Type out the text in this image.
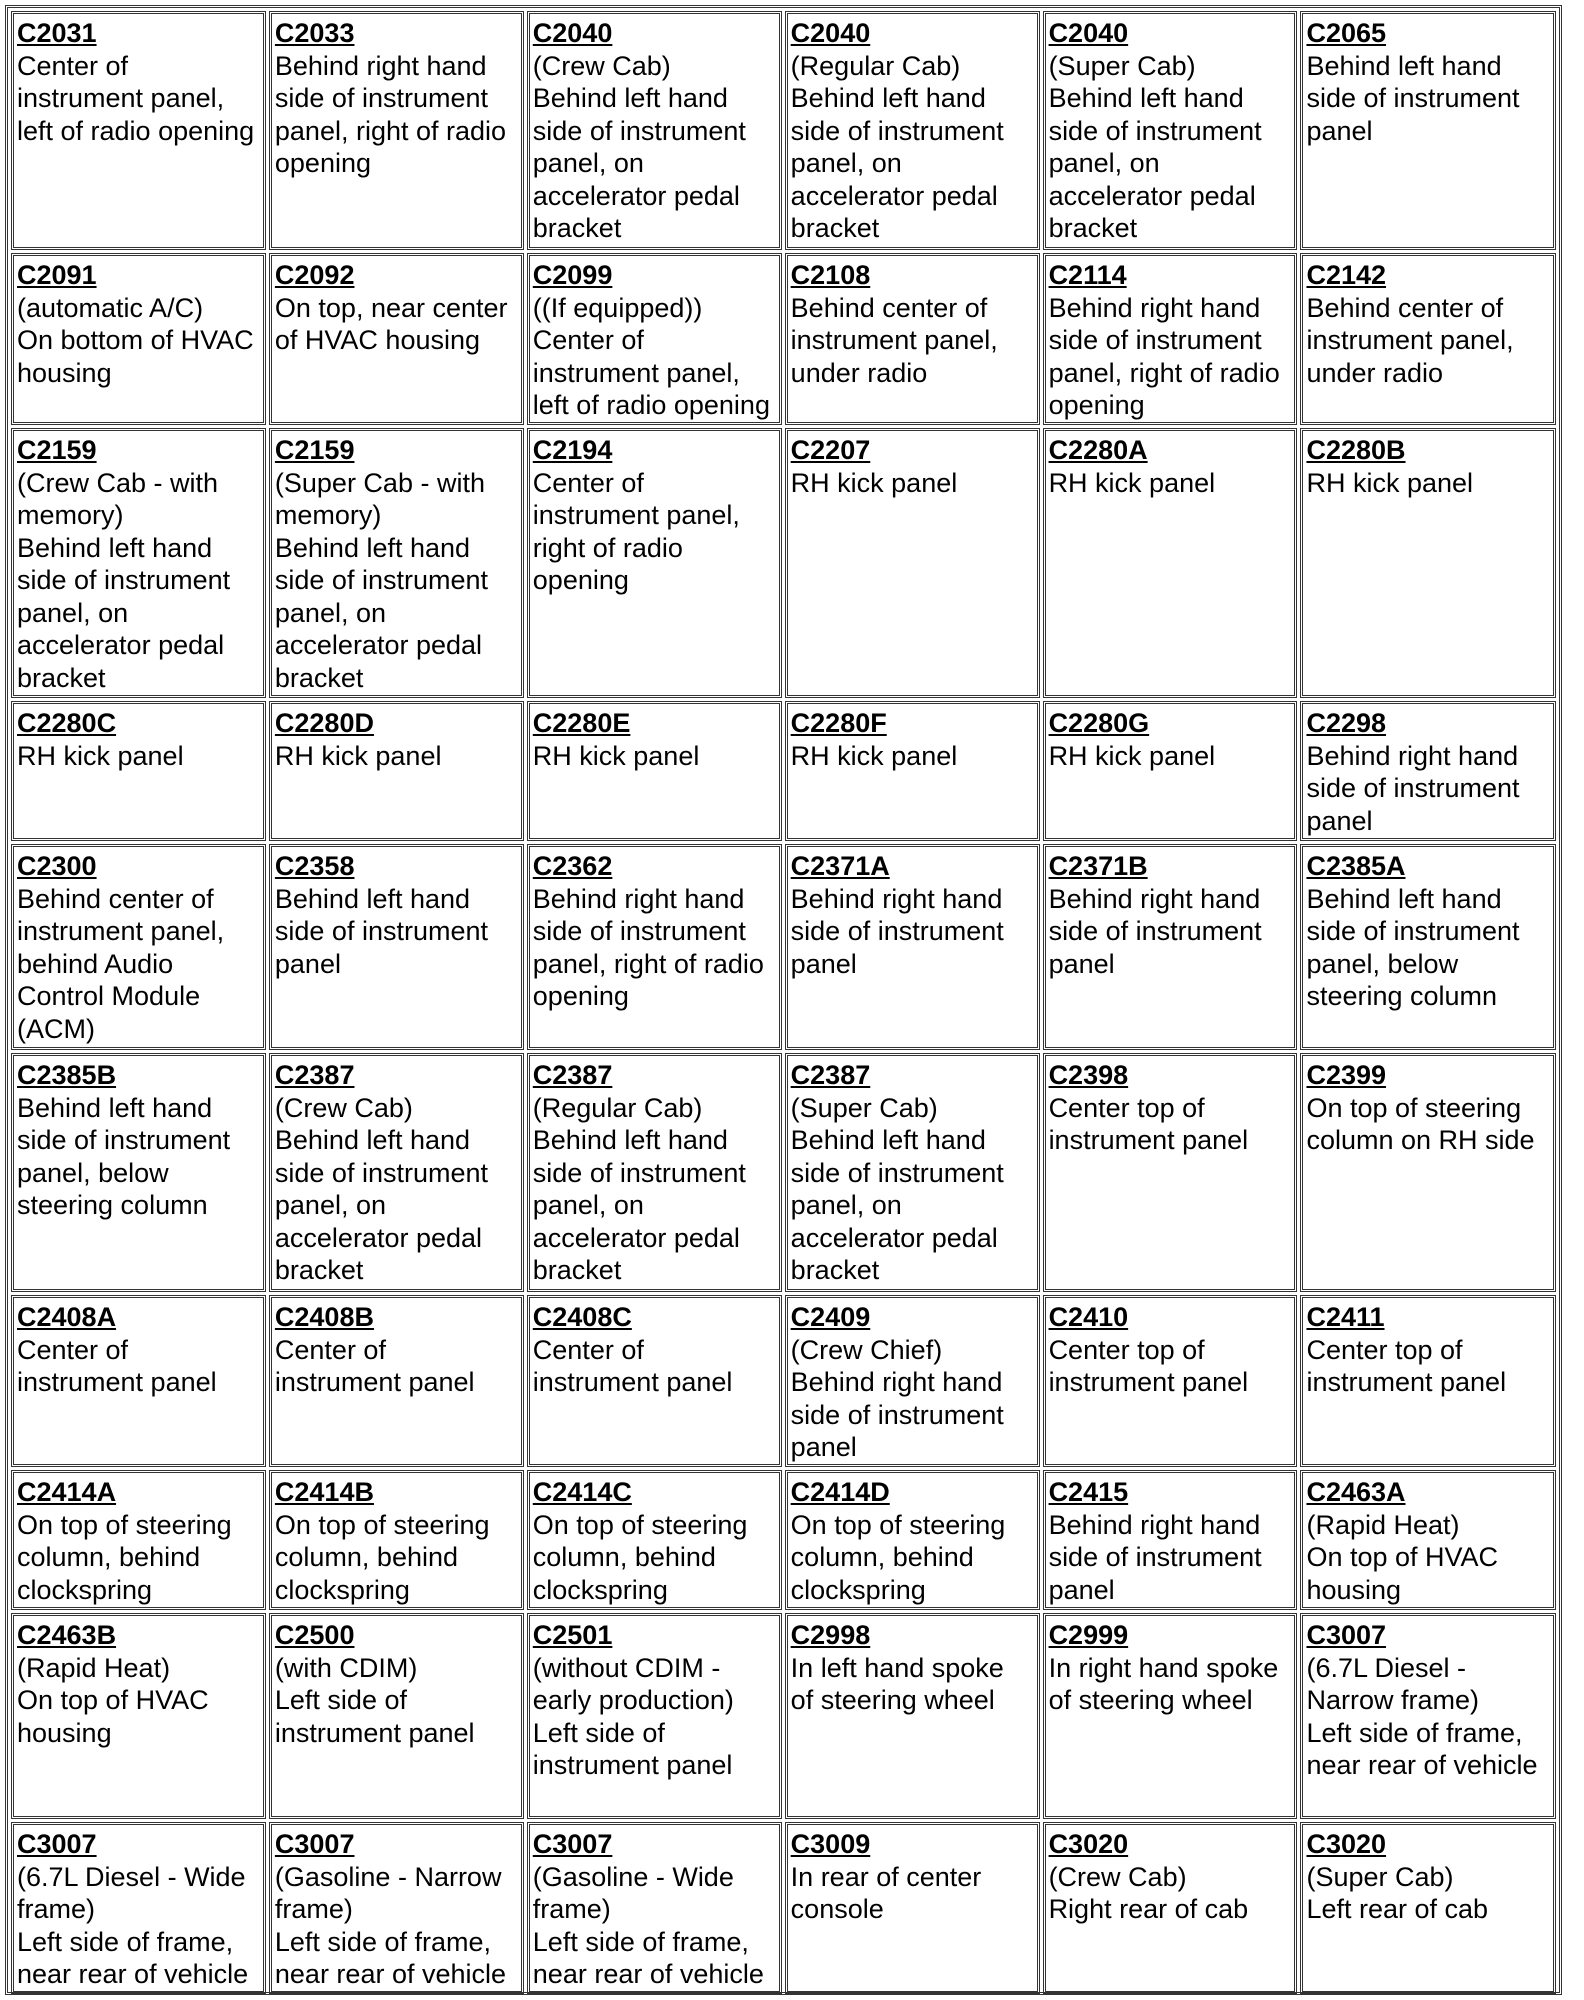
C2031
Center of instrument panel, left of radio opening	C2033
Behind right hand side of instrument panel, right of radio opening	C2040
(Crew Cab)
Behind left hand side of instrument panel, on accelerator pedal bracket	C2040
(Regular Cab)
Behind left hand side of instrument panel, on accelerator pedal bracket	C2040
(Super Cab)
Behind left hand side of instrument panel, on accelerator pedal bracket	C2065
Behind left hand side of instrument panel

C2091
(automatic A/C)
On bottom of HVAC housing	C2092
On top, near center of HVAC housing	C2099
((If equipped))
Center of instrument panel, left of radio opening	C2108
Behind center of instrument panel, under radio	C2114
Behind right hand side of instrument panel, right of radio opening	C2142
Behind center of instrument panel, under radio

C2159
(Crew Cab - with memory)
Behind left hand side of instrument panel, on accelerator pedal bracket	C2159
(Super Cab - with memory)
Behind left hand side of instrument panel, on accelerator pedal bracket	C2194
Center of instrument panel, right of radio opening	C2207
RH kick panel	C2280A
RH kick panel	C2280B
RH kick panel

C2280C
RH kick panel	C2280D
RH kick panel	C2280E
RH kick panel	C2280F
RH kick panel	C2280G
RH kick panel	C2298
Behind right hand side of instrument panel

C2300
Behind center of instrument panel, behind Audio Control Module (ACM)	C2358
Behind left hand side of instrument panel	C2362
Behind right hand side of instrument panel, right of radio opening	C2371A
Behind right hand side of instrument panel	C2371B
Behind right hand side of instrument panel	C2385A
Behind left hand side of instrument panel, below steering column

C2385B
Behind left hand side of instrument panel, below steering column	C2387
(Crew Cab)
Behind left hand side of instrument panel, on accelerator pedal bracket	C2387
(Regular Cab)
Behind left hand side of instrument panel, on accelerator pedal bracket	C2387
(Super Cab)
Behind left hand side of instrument panel, on accelerator pedal bracket	C2398
Center top of instrument panel	C2399
On top of steering column on RH side

C2408A
Center of instrument panel	C2408B
Center of instrument panel	C2408C
Center of instrument panel	C2409
(Crew Chief)
Behind right hand side of instrument panel	C2410
Center top of instrument panel	C2411
Center top of instrument panel

C2414A
On top of steering column, behind clockspring	C2414B
On top of steering column, behind clockspring	C2414C
On top of steering column, behind clockspring	C2414D
On top of steering column, behind clockspring	C2415
Behind right hand side of instrument panel	C2463A
(Rapid Heat)
On top of HVAC housing

C2463B
(Rapid Heat)
On top of HVAC housing	C2500
(with CDIM)
Left side of instrument panel	C2501
(without CDIM - early production)
Left side of instrument panel	C2998
In left hand spoke of steering wheel	C2999
In right hand spoke of steering wheel	C3007
(6.7L Diesel - Narrow frame)
Left side of frame, near rear of vehicle

C3007
(6.7L Diesel - Wide frame)
Left side of frame, near rear of vehicle	C3007
(Gasoline - Narrow frame)
Left side of frame, near rear of vehicle	C3007
(Gasoline - Wide frame)
Left side of frame, near rear of vehicle	C3009
In rear of center console	C3020
(Crew Cab)
Right rear of cab	C3020
(Super Cab)
Left rear of cab
